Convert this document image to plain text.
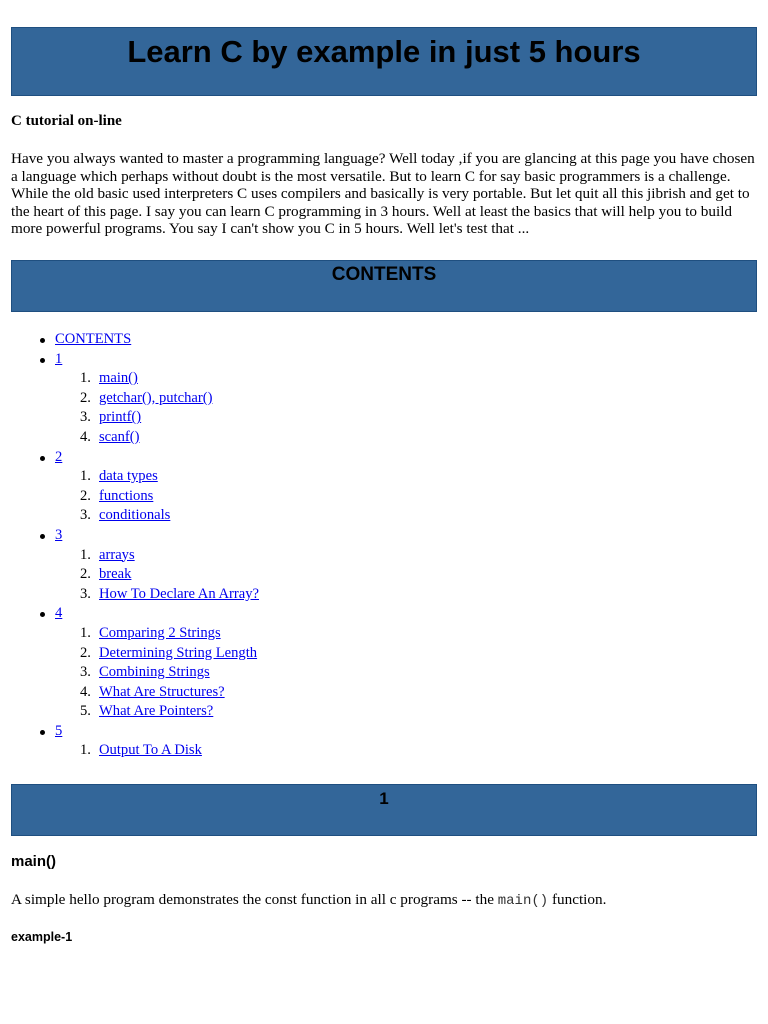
Learn C by example in just 5 hours

C tutorial on-line

Have you always wanted to master a programming language? Well today ,if you are glancing at this page you have chosen a language which perhaps without doubt is the most versatile. But to learn C for say basic programmers is a challenge. While the old basic used interpreters C uses compilers and basically is very portable. But let quit all this jibrish and get to the heart of this page. I say you can learn C programming in 3 hours. Well at least the basics that will help you to build more powerful programs. You say I can't show you C in 5 hours. Well let's test that ...

CONTENTS
CONTENTS
1
main()
getchar(), putchar()
printf()
scanf()
2
data types
functions
conditionals
3
arrays
break
How To Declare An Array?
4
Comparing 2 Strings
Determining String Length
Combining Strings
What Are Structures?
What Are Pointers?
5
Output To A Disk
1
main()

A simple hello program demonstrates the const function in all c programs -- the main() function.

example-1
